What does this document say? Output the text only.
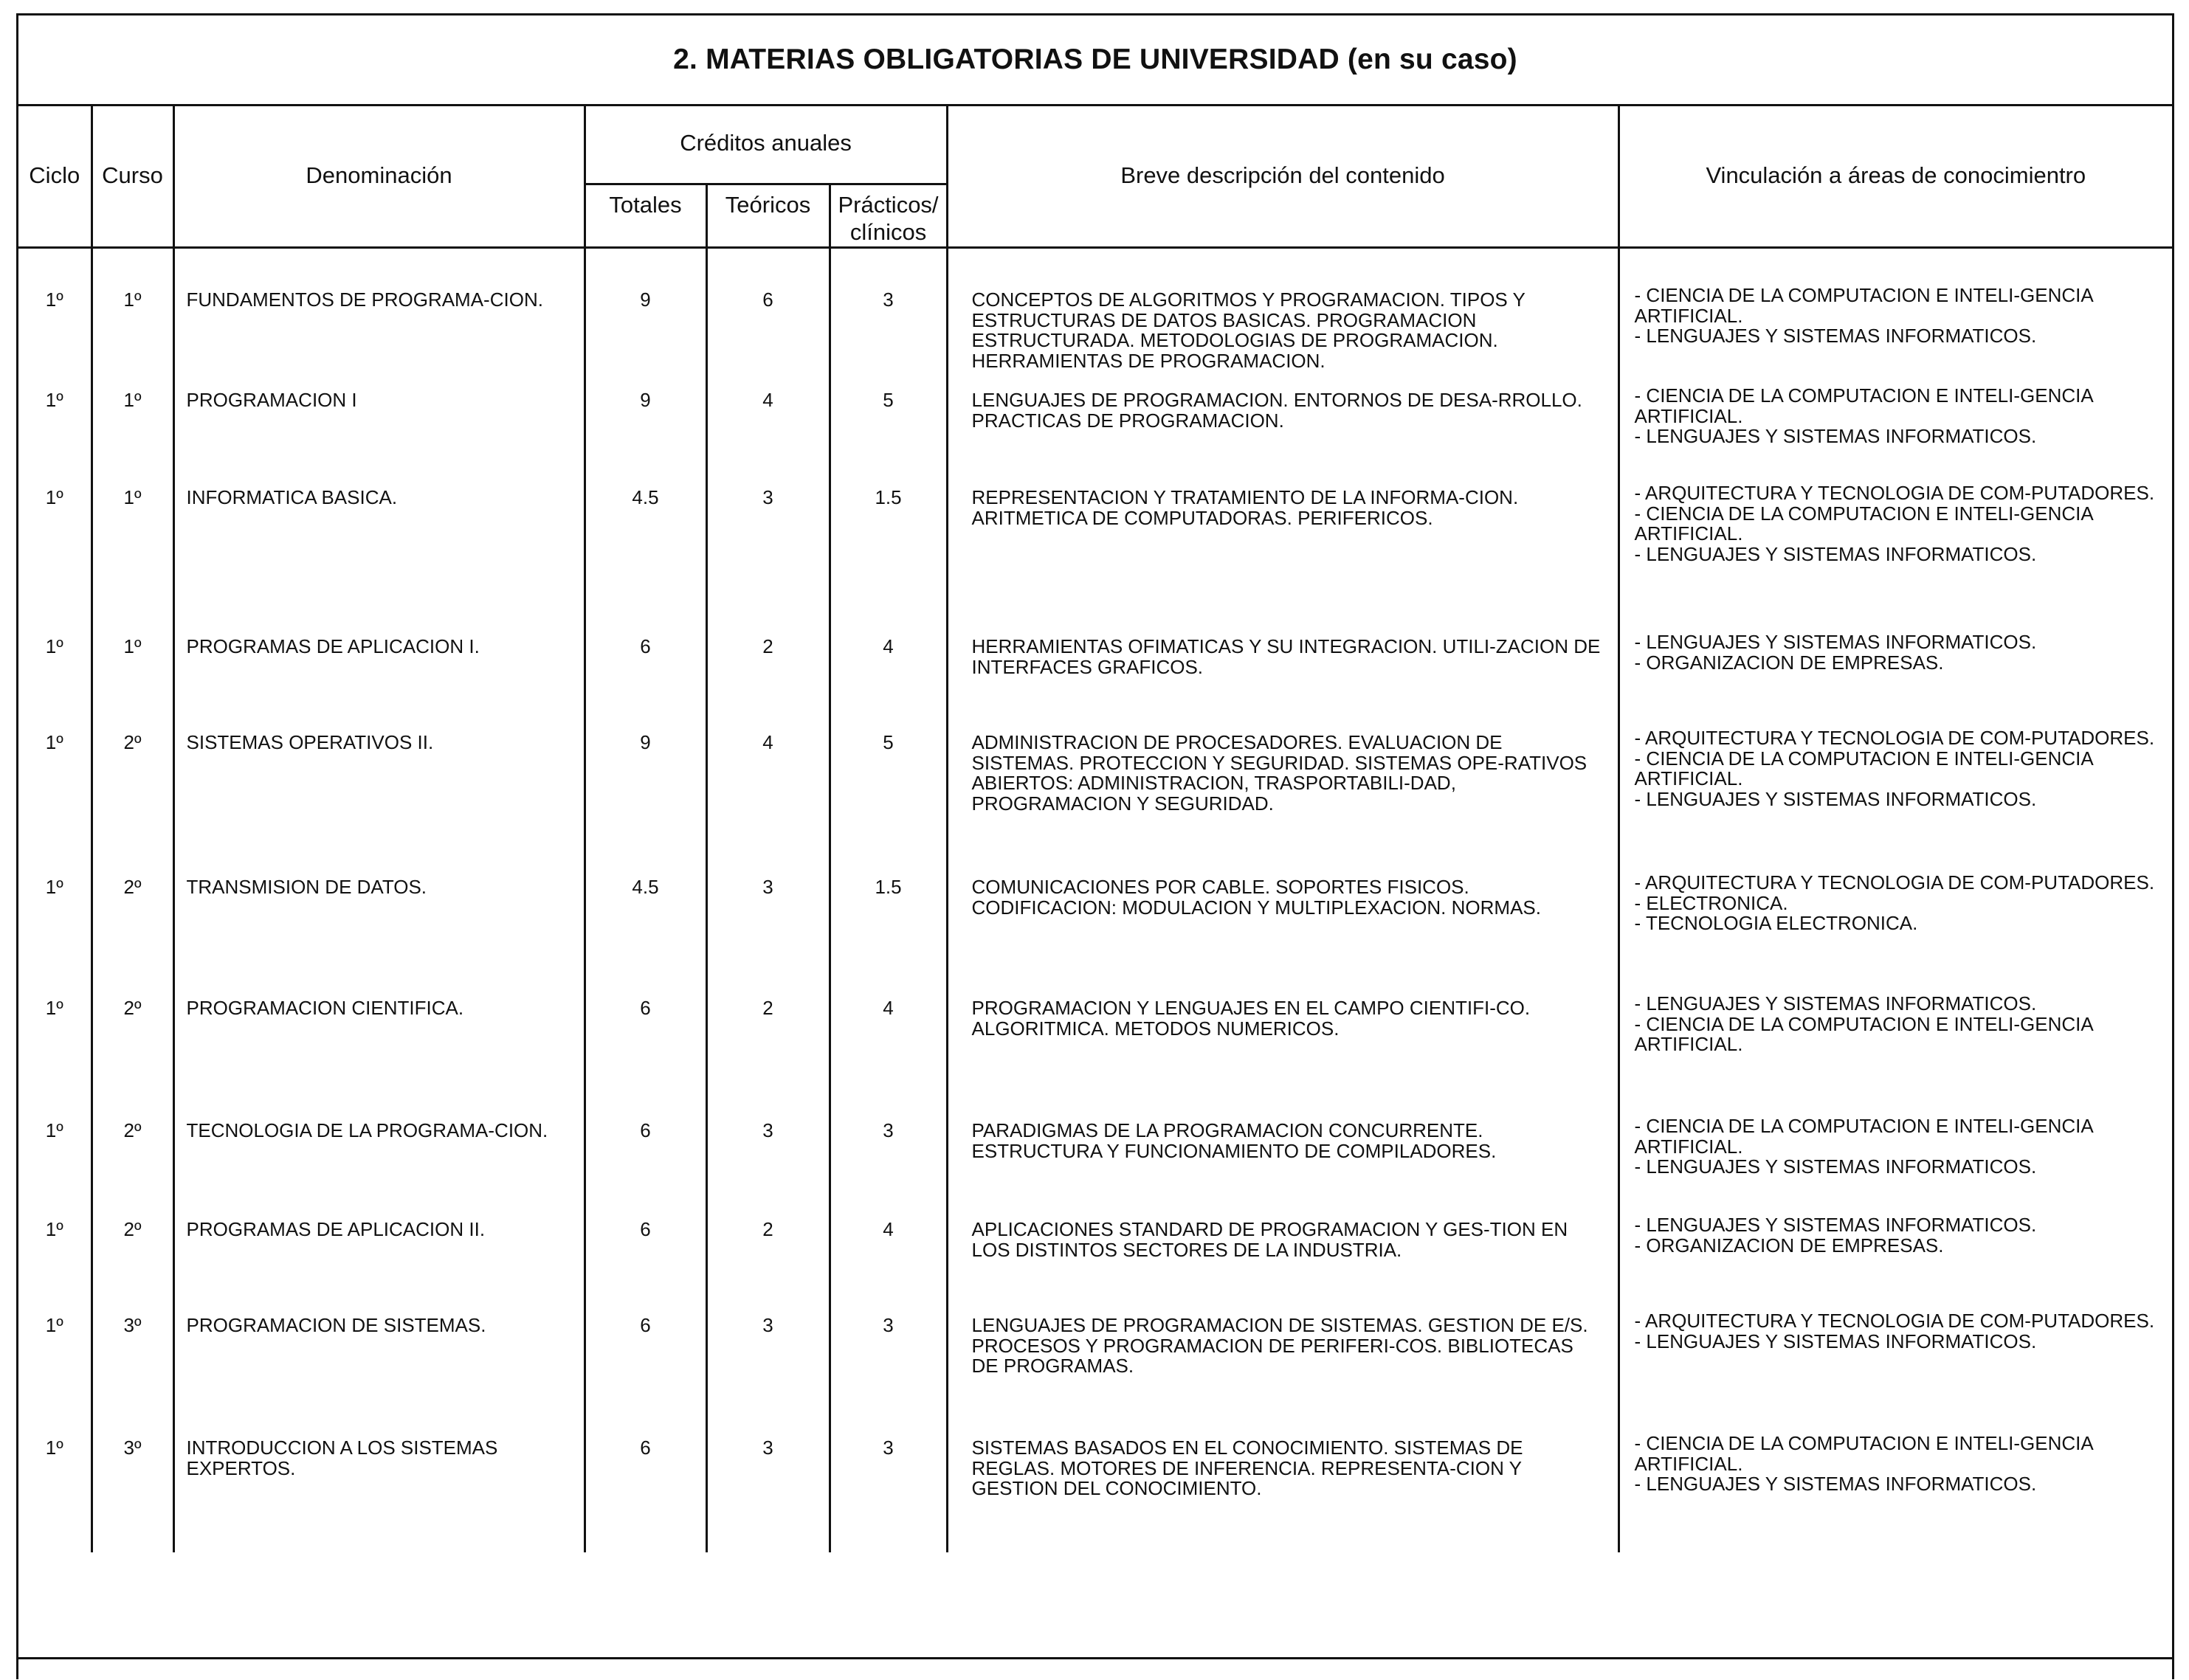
2. MATERIAS OBLIGATORIAS DE UNIVERSIDAD (en su caso)
Ciclo	Curso	Denominación	Créditos anuales			Breve descripción del contenido	Vinculación a áreas de conocimientro
			Totales	Teóricos	Prácticos/ clínicos		
1º	1º	FUNDAMENTOS DE PROGRAMA-CION.	9	6	3	CONCEPTOS DE ALGORITMOS Y PROGRAMACION. TIPOS Y ESTRUCTURAS DE DATOS BASICAS. PROGRAMACION ESTRUCTURADA. METODOLOGIAS DE PROGRAMACION. HERRAMIENTAS DE PROGRAMACION.	- CIENCIA DE LA COMPUTACION E INTELI-GENCIA ARTIFICIAL.
- LENGUAJES Y SISTEMAS INFORMATICOS.

1º	1º	PROGRAMACION I	9	4	5	LENGUAJES DE PROGRAMACION. ENTORNOS DE DESA-RROLLO. PRACTICAS DE PROGRAMACION.	- CIENCIA DE LA COMPUTACION E INTELI-GENCIA ARTIFICIAL.
- LENGUAJES Y SISTEMAS INFORMATICOS.

1º	1º	INFORMATICA BASICA.	4.5	3	1.5	REPRESENTACION Y TRATAMIENTO DE LA INFORMA-CION. ARITMETICA DE COMPUTADORAS. PERIFERICOS.	- ARQUITECTURA Y TECNOLOGIA DE COM-PUTADORES.
- CIENCIA DE LA COMPUTACION E INTELI-GENCIA ARTIFICIAL.
- LENGUAJES Y SISTEMAS INFORMATICOS.

1º	1º	PROGRAMAS DE APLICACION I.	6	2	4	HERRAMIENTAS OFIMATICAS Y SU INTEGRACION. UTILI-ZACION DE INTERFACES GRAFICOS.	- LENGUAJES Y SISTEMAS INFORMATICOS.
- ORGANIZACION DE EMPRESAS.

1º	2º	SISTEMAS OPERATIVOS II.	9	4	5	ADMINISTRACION DE PROCESADORES. EVALUACION DE SISTEMAS. PROTECCION Y SEGURIDAD. SISTEMAS OPE-RATIVOS ABIERTOS: ADMINISTRACION, TRASPORTABILI-DAD, PROGRAMACION Y SEGURIDAD.	- ARQUITECTURA Y TECNOLOGIA DE COM-PUTADORES.
- CIENCIA DE LA COMPUTACION E INTELI-GENCIA ARTIFICIAL.
- LENGUAJES Y SISTEMAS INFORMATICOS.

1º	2º	TRANSMISION DE DATOS.	4.5	3	1.5	COMUNICACIONES POR CABLE. SOPORTES FISICOS. CODIFICACION: MODULACION Y MULTIPLEXACION. NORMAS.	- ARQUITECTURA Y TECNOLOGIA DE COM-PUTADORES.
- ELECTRONICA.
- TECNOLOGIA ELECTRONICA.

1º	2º	PROGRAMACION CIENTIFICA.	6	2	4	PROGRAMACION Y LENGUAJES EN EL CAMPO CIENTIFI-CO. ALGORITMICA. METODOS NUMERICOS.	- LENGUAJES Y SISTEMAS INFORMATICOS.
- CIENCIA DE LA COMPUTACION E INTELI-GENCIA ARTIFICIAL.

1º	2º	TECNOLOGIA DE LA PROGRAMA-CION.	6	3	3	PARADIGMAS DE LA PROGRAMACION CONCURRENTE. ESTRUCTURA Y FUNCIONAMIENTO DE COMPILADORES.	- CIENCIA DE LA COMPUTACION E INTELI-GENCIA ARTIFICIAL.
- LENGUAJES Y SISTEMAS INFORMATICOS.

1º	2º	PROGRAMAS DE APLICACION II.	6	2	4	APLICACIONES STANDARD DE PROGRAMACION Y GES-TION EN LOS DISTINTOS SECTORES DE LA INDUSTRIA.	- LENGUAJES Y SISTEMAS INFORMATICOS.
- ORGANIZACION DE EMPRESAS.

1º	3º	PROGRAMACION DE SISTEMAS.	6	3	3	LENGUAJES DE PROGRAMACION DE SISTEMAS. GESTION DE E/S. PROCESOS Y PROGRAMACION DE PERIFERI-COS. BIBLIOTECAS DE PROGRAMAS.	- ARQUITECTURA Y TECNOLOGIA DE COM-PUTADORES.
- LENGUAJES Y SISTEMAS INFORMATICOS.

1º	3º	INTRODUCCION A LOS SISTEMAS EXPERTOS.	6	3	3	SISTEMAS BASADOS EN EL CONOCIMIENTO. SISTEMAS DE REGLAS. MOTORES DE INFERENCIA. REPRESENTA-CION Y GESTION DEL CONOCIMIENTO.	- CIENCIA DE LA COMPUTACION E INTELI-GENCIA ARTIFICIAL.
- LENGUAJES Y SISTEMAS INFORMATICOS.
